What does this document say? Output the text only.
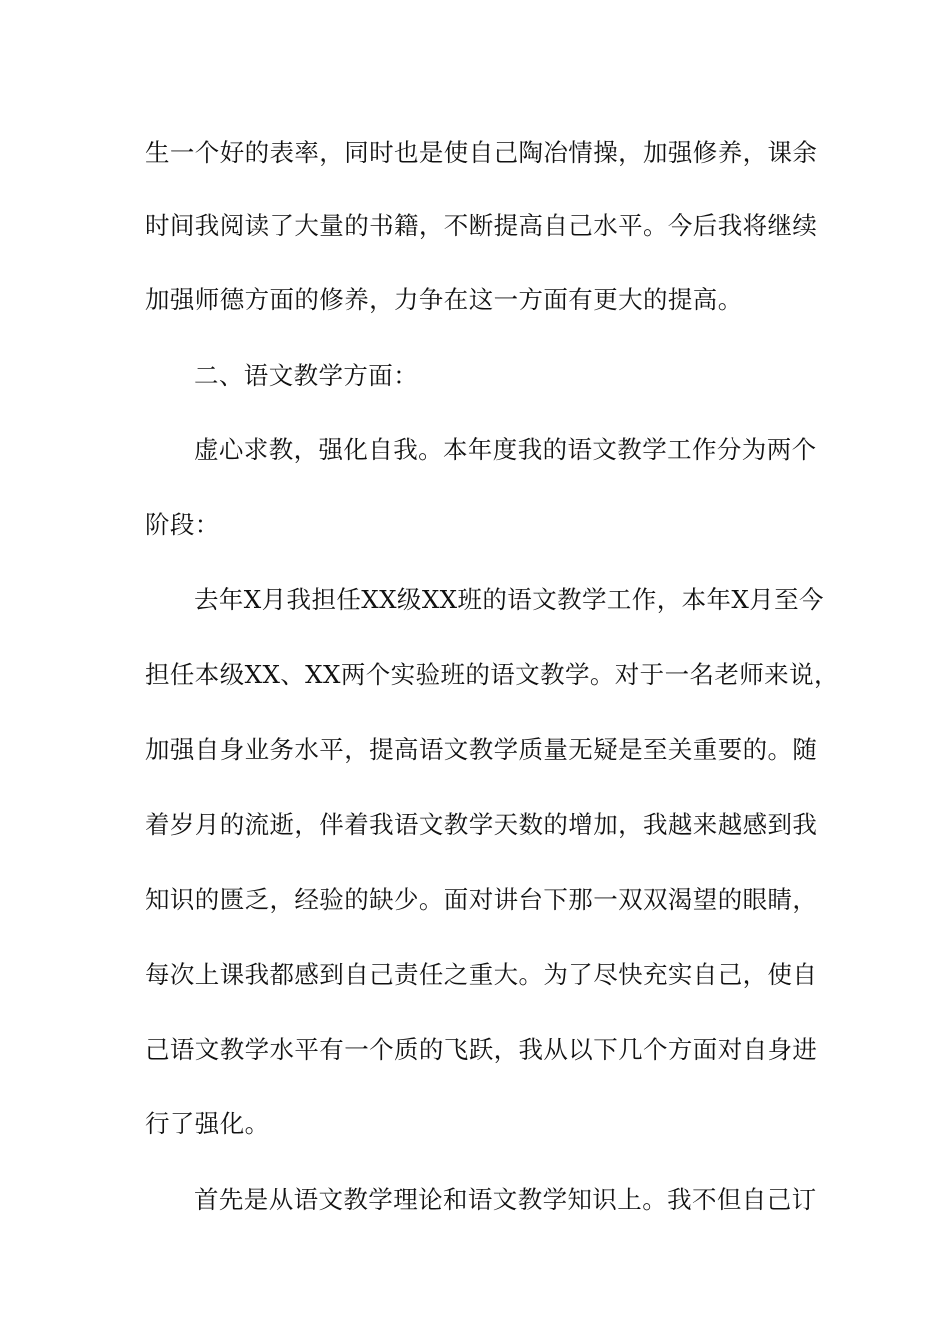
生一个好的表率，同时也是使自己陶冶情操，加强修养，课余
时间我阅读了大量的书籍，不断提高自己水平。今后我将继续
加强师德方面的修养，力争在这一方面有更大的提高。
二、语文教学方面：
虚心求教，强化自我。本年度我的语文教学工作分为两个
阶段：
去年X月我担任XX级XX班的语文教学工作，本年X月至今
担任本级XX、XX两个实验班的语文教学。对于一名老师来说，
加强自身业务水平，提高语文教学质量无疑是至关重要的。随
着岁月的流逝，伴着我语文教学天数的增加，我越来越感到我
知识的匮乏，经验的缺少。面对讲台下那一双双渴望的眼睛，
每次上课我都感到自己责任之重大。为了尽快充实自己，使自
己语文教学水平有一个质的飞跃，我从以下几个方面对自身进
行了强化。
首先是从语文教学理论和语文教学知识上。我不但自己订
